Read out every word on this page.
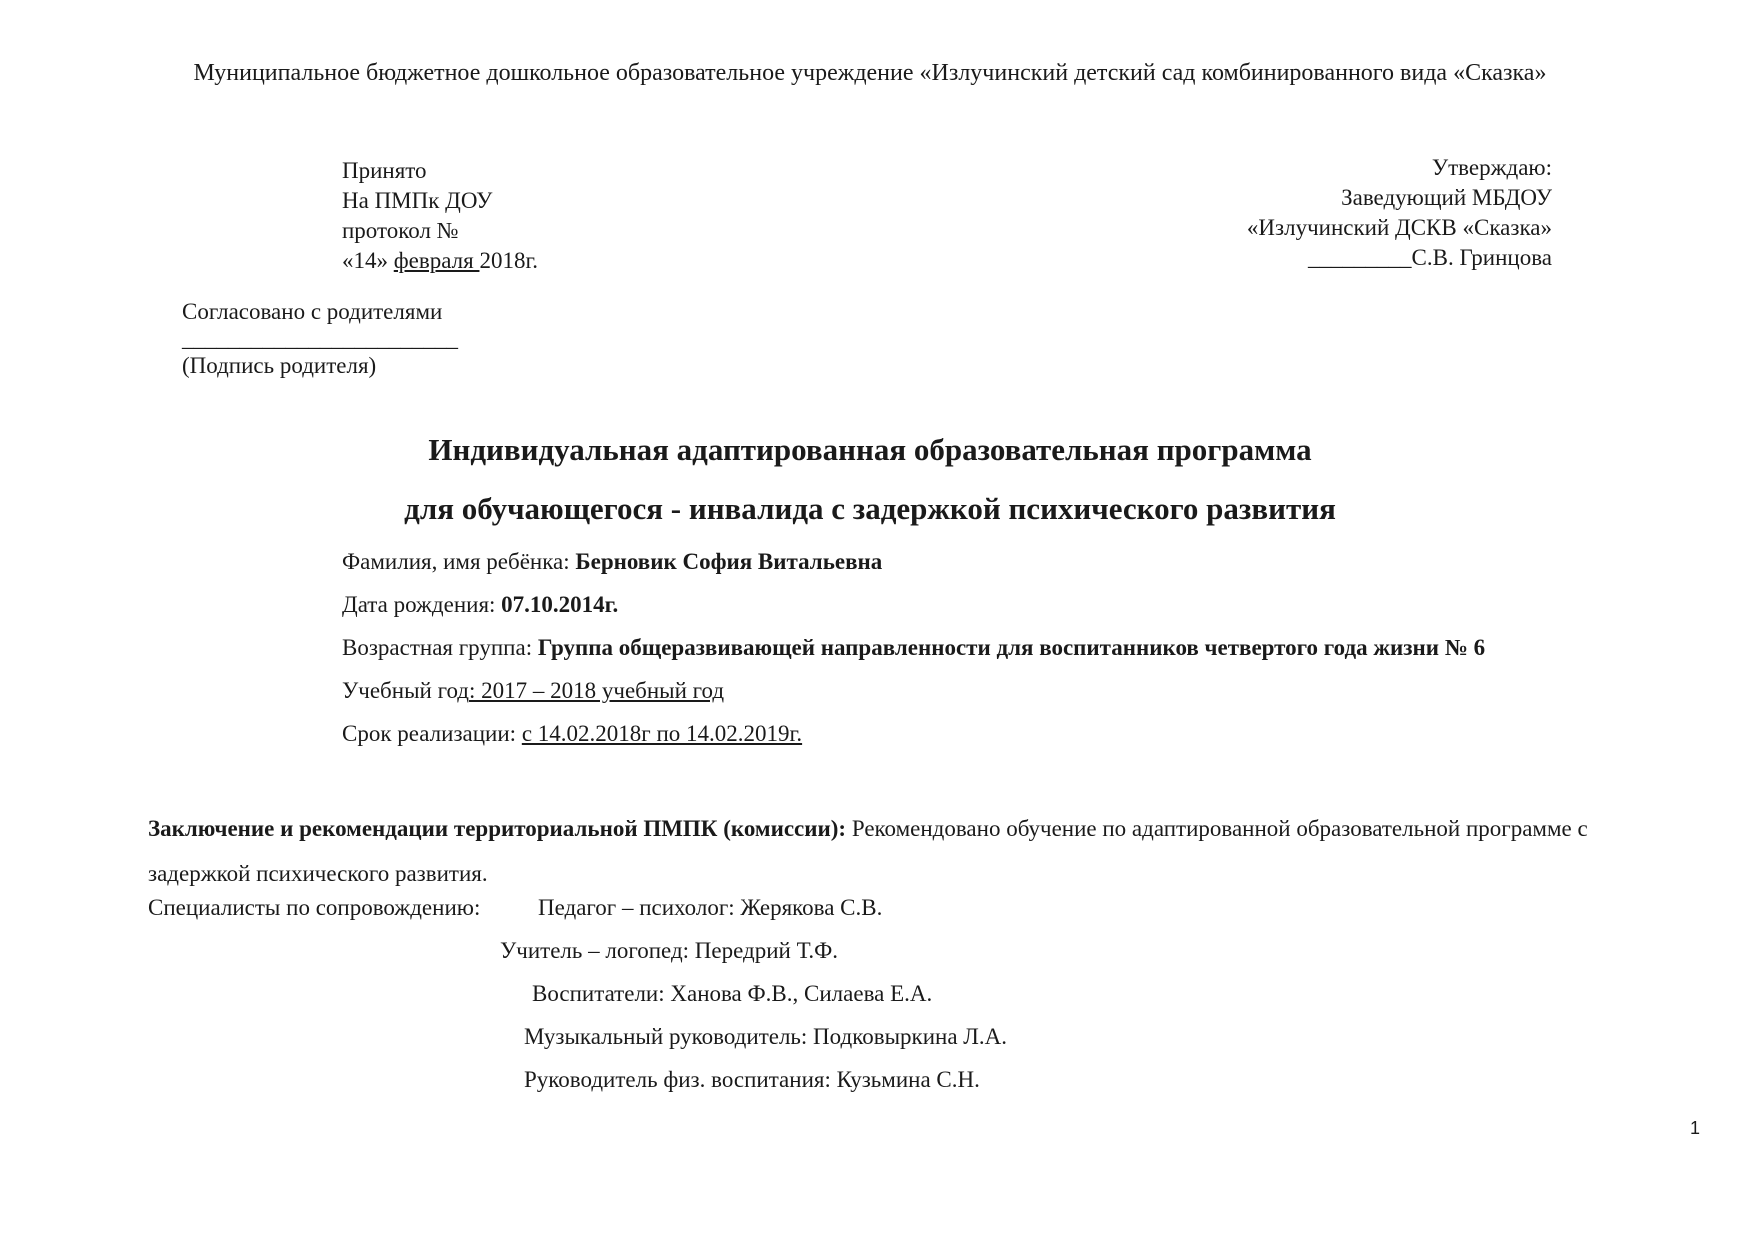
Муниципальное бюджетное дошкольное образовательное учреждение «Излучинский детский сад комбинированного вида «Сказка»
Принято
На ПМПк ДОУ
протокол №
«14» февраля 2018г.
Утверждаю:
Заведующий МБДОУ
«Излучинский ДСКВ «Сказка»
_________С.В. Гринцова
Согласовано с родителями
________________________
(Подпись родителя)
Индивидуальная адаптированная образовательная программа
для обучающегося - инвалида с задержкой психического развития
Фамилия, имя ребёнка: Берновик София Витальевна
Дата рождения: 07.10.2014г.
Возрастная группа: Группа общеразвивающей направленности для воспитанников четвертого года жизни № 6
Учебный год: 2017 – 2018 учебный год
Срок реализации: с 14.02.2018г по 14.02.2019г.
Заключение и рекомендации территориальной ПМПК (комиссии): Рекомендовано обучение по адаптированной образовательной программе с задержкой психического развития.
Специалисты по сопровождению:	Педагог – психолог: Жерякова С.В.
Учитель – логопед: Передрий Т.Ф.
Воспитатели: Ханова Ф.В., Силаева Е.А.
Музыкальный руководитель: Подковыркина Л.А.
Руководитель физ. воспитания: Кузьмина С.Н.
1
